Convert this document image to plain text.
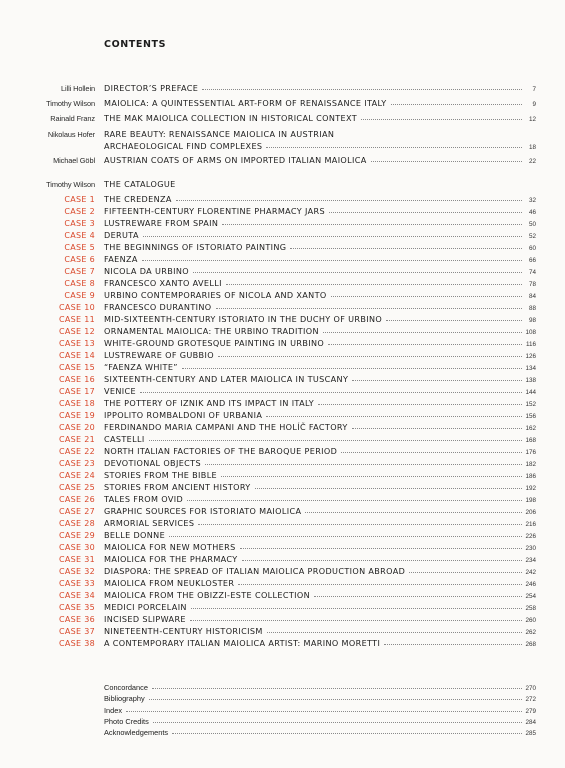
CONTENTS
Lilli Hollein DIRECTOR’S PREFACE	7
Timothy Wilson MAIOLICA: A QUINTESSENTIAL ART-FORM OF RENAISSANCE ITALY	9
Rainald Franz THE MAK MAIOLICA COLLECTION IN HISTORICAL CONTEXT	12
Nikolaus Hofer RARE BEAUTY: RENAISSANCE MAIOLICA IN AUSTRIAN
ARCHAEOLOGICAL FIND COMPLEXES	18
Michael Göbl AUSTRIAN COATS OF ARMS ON IMPORTED ITALIAN MAIOLICA	22
Timothy Wilson THE CATALOGUE
CASE 1 THE CREDENZA	32
CASE 2 FIFTEENTH-CENTURY FLORENTINE PHARMACY JARS	46
CASE 3 LUSTREWARE FROM SPAIN	50
CASE 4 DERUTA	52
CASE 5 THE BEGINNINGS OF ISTORIATO PAINTING	60
CASE 6 FAENZA	66
CASE 7 NICOLA DA URBINO	74
CASE 8 FRANCESCO XANTO AVELLI	78
CASE 9 URBINO CONTEMPORARIES OF NICOLA AND XANTO	84
CASE 10 FRANCESCO DURANTINO	88
CASE 11 MID-SIXTEENTH-CENTURY ISTORIATO IN THE DUCHY OF URBINO	98
CASE 12 ORNAMENTAL MAIOLICA: THE URBINO TRADITION	108
CASE 13 WHITE-GROUND GROTESQUE PAINTING IN URBINO	116
CASE 14 LUSTREWARE OF GUBBIO	126
CASE 15 “FAENZA WHITE”	134
CASE 16 SIXTEENTH-CENTURY AND LATER MAIOLICA IN TUSCANY	138
CASE 17 VENICE	144
CASE 18 THE POTTERY OF IZNIK AND ITS IMPACT IN ITALY	152
CASE 19 IPPOLITO ROMBALDONI OF URBANIA	156
CASE 20 FERDINANDO MARIA CAMPANI AND THE HOLÍČ FACTORY	162
CASE 21 CASTELLI	168
CASE 22 NORTH ITALIAN FACTORIES OF THE BAROQUE PERIOD	176
CASE 23 DEVOTIONAL OBJECTS	182
CASE 24 STORIES FROM THE BIBLE	186
CASE 25 STORIES FROM ANCIENT HISTORY	192
CASE 26 TALES FROM OVID	198
CASE 27 GRAPHIC SOURCES FOR ISTORIATO MAIOLICA	206
CASE 28 ARMORIAL SERVICES	216
CASE 29 BELLE DONNE	226
CASE 30 MAIOLICA FOR NEW MOTHERS	230
CASE 31 MAIOLICA FOR THE PHARMACY	234
CASE 32 DIASPORA: THE SPREAD OF ITALIAN MAIOLICA PRODUCTION ABROAD	242
CASE 33 MAIOLICA FROM NEUKLOSTER	246
CASE 34 MAIOLICA FROM THE OBIZZI-ESTE COLLECTION	254
CASE 35 MEDICI PORCELAIN	258
CASE 36 INCISED SLIPWARE	260
CASE 37 NINETEENTH-CENTURY HISTORICISM	262
CASE 38 A CONTEMPORARY ITALIAN MAIOLICA ARTIST: MARINO MORETTI	268
Concordance	270
Bibliography	272
Index	279
Photo Credits	284
Acknowledgements	285
